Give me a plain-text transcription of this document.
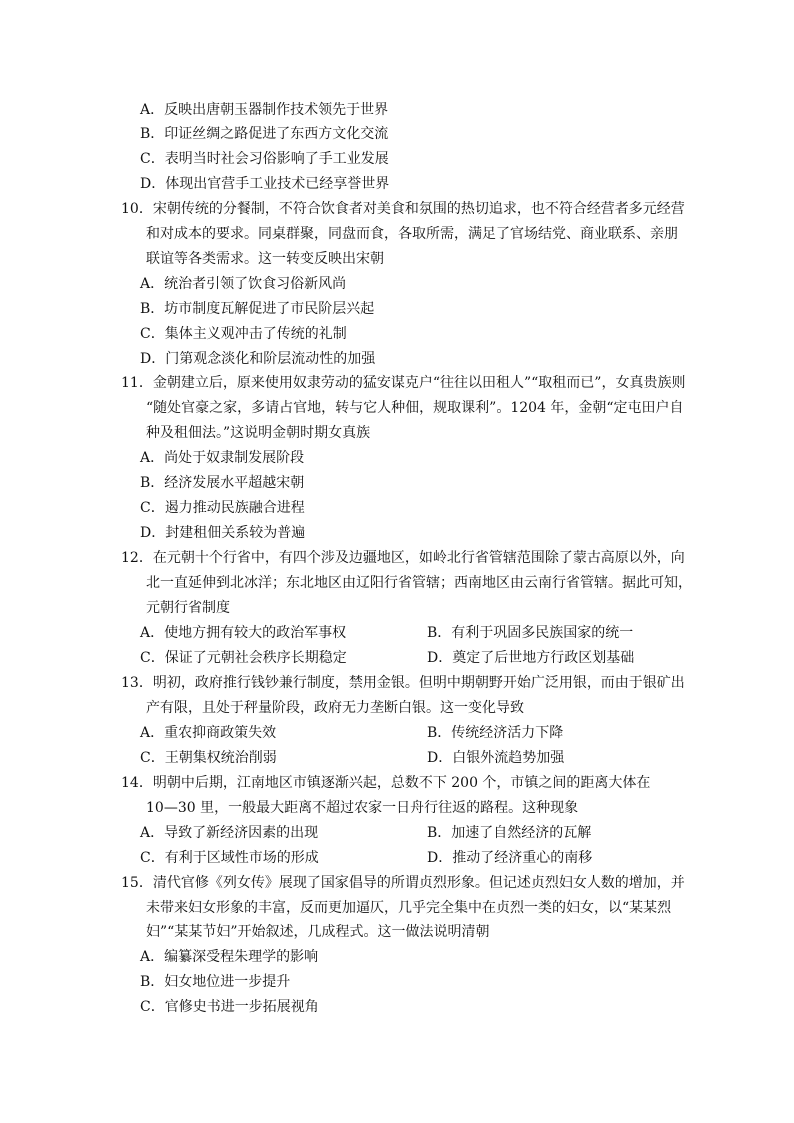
A．反映出唐朝玉器制作技术领先于世界
B．印证丝绸之路促进了东西方文化交流
C．表明当时社会习俗影响了手工业发展
D．体现出官营手工业技术已经享誉世界
10．宋朝传统的分餐制，不符合饮食者对美食和氛围的热切追求，也不符合经营者多元经营
和对成本的要求。同桌群聚，同盘而食，各取所需，满足了官场结党、商业联系、亲朋
联谊等各类需求。这一转变反映出宋朝
A．统治者引领了饮食习俗新风尚
B．坊市制度瓦解促进了市民阶层兴起
C．集体主义观冲击了传统的礼制
D．门第观念淡化和阶层流动性的加强
11．金朝建立后，原来使用奴隶劳动的猛安谋克户“往往以田租人”“取租而已”，女真贵族则
“随处官豪之家，多请占官地，转与它人种佃，规取课利”。1204 年，金朝“定屯田户自
种及租佃法。”这说明金朝时期女真族
A．尚处于奴隶制发展阶段
B．经济发展水平超越宋朝
C．遏力推动民族融合进程
D．封建租佃关系较为普遍
12．在元朝十个行省中，有四个涉及边疆地区，如岭北行省管辖范围除了蒙古高原以外，向
北一直延伸到北冰洋；东北地区由辽阳行省管辖；西南地区由云南行省管辖。据此可知，
元朝行省制度
A．使地方拥有较大的政治军事权	B．有利于巩固多民族国家的统一
C．保证了元朝社会秩序长期稳定	D．奠定了后世地方行政区划基础
13．明初，政府推行钱钞兼行制度，禁用金银。但明中期朝野开始广泛用银，而由于银矿出
产有限，且处于秤量阶段，政府无力垄断白银。这一变化导致
A．重农抑商政策失效	B．传统经济活力下降
C．王朝集权统治削弱	D．白银外流趋势加强
14．明朝中后期，江南地区市镇逐渐兴起，总数不下 200 个，市镇之间的距离大体在
10—30 里，一般最大距离不超过农家一日舟行往返的路程。这种现象
A．导致了新经济因素的出现	B．加速了自然经济的瓦解
C．有利于区域性市场的形成	D．推动了经济重心的南移
15．清代官修《列女传》展现了国家倡导的所谓贞烈形象。但记述贞烈妇女人数的增加，并
未带来妇女形象的丰富，反而更加逼仄，几乎完全集中在贞烈一类的妇女，以“某某烈
妇”“某某节妇”开始叙述，几成程式。这一做法说明清朝
A．编纂深受程朱理学的影响
B．妇女地位进一步提升
C．官修史书进一步拓展视角
